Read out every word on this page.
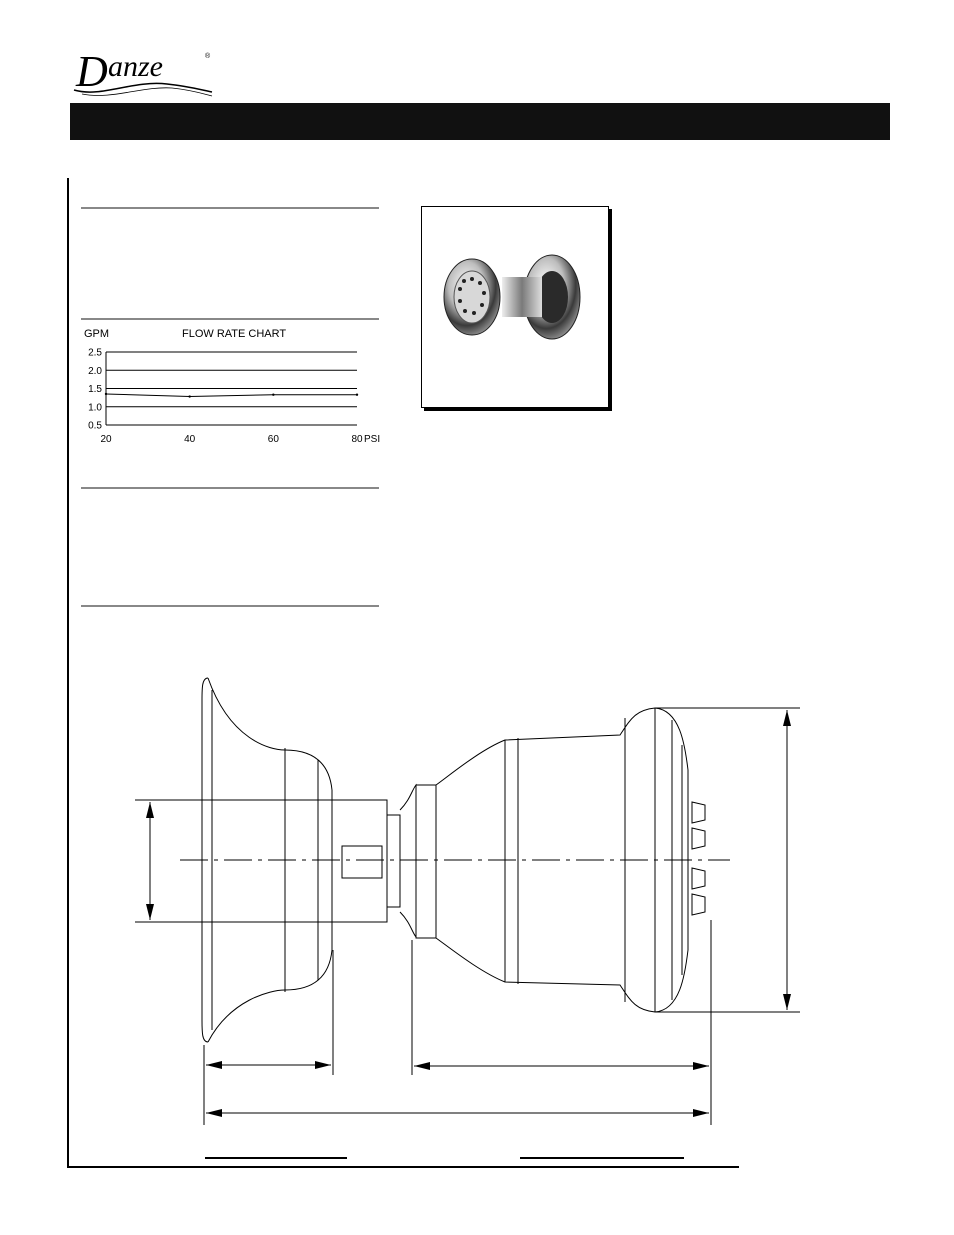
D anze	®
GPM	FLOW RATE CHART
0.5
1.0
1.5
2.0
2.5
20	40	60	80 PSI
